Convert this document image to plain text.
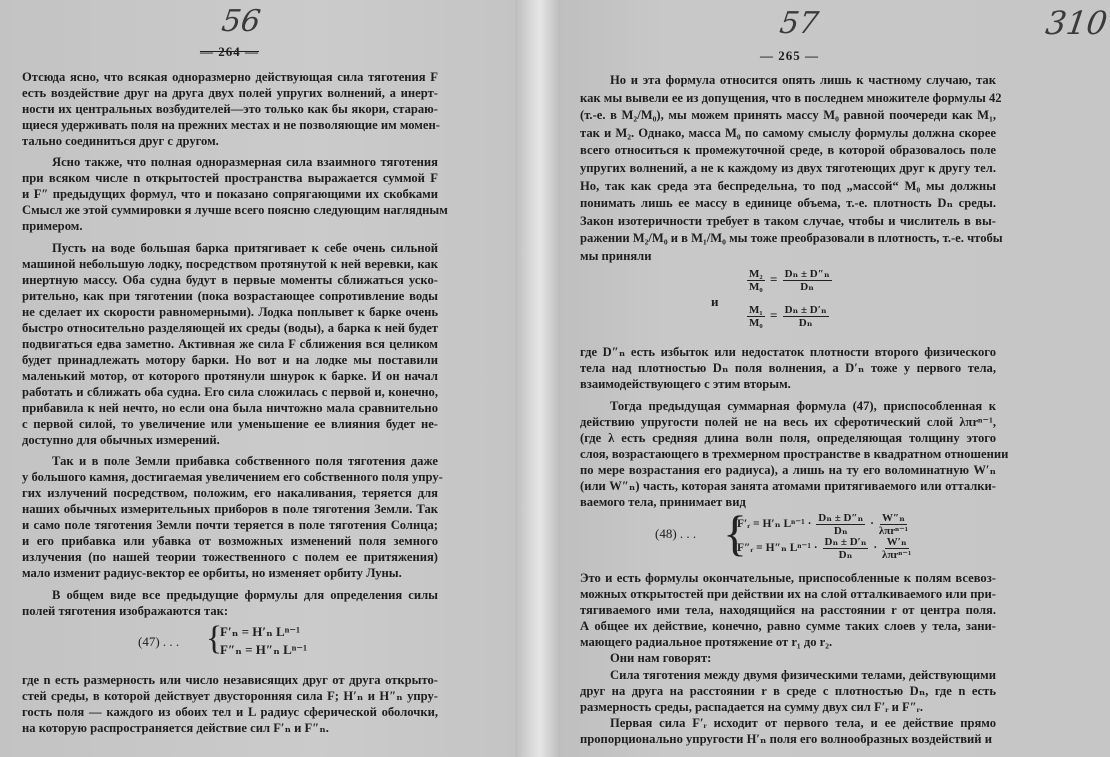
56
— 264 —
Отсюда ясно, что всякая одноразмерно действующая сила тяготения F
есть воздействие друг на друга двух полей упругих волнений, а инерт-
ности их центральных возбудителей—это только как бы якори, стараю-
щиеся удерживать поля на прежних местах и не позволяющие им момен-
тально соединиться друг с другом.
Ясно также, что полная одноразмерная сила взаимного тяготения
при всяком числе n открытостей пространства выражается суммой F
и F″ предыдущих формул, что и показано сопрягающими их скобками
Смысл же этой суммировки я лучше всего поясню следующим наглядным
примером.
Пусть на воде большая барка притягивает к себе очень сильной
машиной небольшую лодку, посредством протянутой к ней веревки, как
инертную массу. Оба судна будут в первые моменты сближаться уско-
рительно, как при тяготении (пока возрастающее сопротивление воды
не сделает их скорости равномерными). Лодка поплывет к барке очень
быстро относительно разделяющей их среды (воды), а барка к ней будет
подвигаться едва заметно. Активная же сила F сближения вся целиком
будет принадлежать мотору барки. Но вот и на лодке мы поставили
маленький мотор, от которого протянули шнурок к барке. И он начал
работать и сближать оба судна. Его сила сложилась с первой и, конечно,
прибавила к ней нечто, но если она была ничтожно мала сравнительно
с первой силой, то увеличение или уменьшение ее влияния будет не-
доступно для обычных измерений.
Так и в поле Земли прибавка собственного поля тяготения даже
у большого камня, достигаемая увеличением его собственного поля упру-
гих излучений посредством, положим, его накаливания, теряется для
наших обычных измерительных приборов в поле тяготения Земли. Так
и само поле тяготения Земли почти теряется в поле тяготения Солнца;
и его прибавка или убавка от возможных изменений поля земного
излучения (по нашей теории тожественного с полем ее притяжения)
мало изменит радиус-вектор ее орбиты, но изменяет орбиту Луны.
В общем виде все предыдущие формулы для определения силы
полей тяготения изображаются так:
где n есть размерность или число независящих друг от друга открыто-
стей среды, в которой действует двусторонняя сила F; H′ₙ и H″ₙ упру-
гость поля — каждого из обоих тел и L радиус сферической оболочки,
на которую распространяется действие сил F′ₙ и F″ₙ.
(47) . . . {
F′ₙ = H′ₙ Lⁿ⁻¹
F″ₙ = H″ₙ Lⁿ⁻¹
57	310
— 265 —
Но и эта формула относится опять лишь к частному случаю, так
как мы вывели ее из допущения, что в последнем множителе формулы 42
(т.-е. в M₂/M₀), мы можем принять массу M₀ равной поочереди как M₁,
так и M₂. Однако, масса M₀ по самому смыслу формулы должна скорее
всего относиться к промежуточной среде, в которой образовалось поле
упругих волнений, а не к каждому из двух тяготеющих друг к другу тел.
Но, так как среда эта беспредельна, то под „массой“ M₀ мы должны
понимать лишь ее массу в единице объема, т.-е. плотность Dₙ среды.
Закон изотеричности требует в таком случае, чтобы и числитель в вы-
ражении M₂/M₀ и в M₁/M₀ мы тоже преобразовали в плотность, т.-е. чтобы
мы приняли
где D″ₙ есть избыток или недостаток плотности второго физического
тела над плотностью Dₙ поля волнения, а D′ₙ тоже у первого тела,
взаимодействующего с этим вторым.
Тогда предыдущая суммарная формула (47), приспособленная к
действию упругости полей не на весь их сферотический слой λπrⁿ⁻¹,
(где λ есть средняя длина волн поля, определяющая толщину этого
слоя, возрастающего в трехмерном пространстве в квадратном отношении
по мере возрастания его радиуса), а лишь на ту его воломинатную W′ₙ
(или W″ₙ) часть, которая занята атомами притягиваемого или отталки-
ваемого тела, принимает вид
Это и есть формулы окончательные, приспособленные к полям всевоз-
можных открытостей при действии их на слой отталкиваемого или при-
тягиваемого ими тела, находящийся на расстоянии r от центра поля.
А общее их действие, конечно, равно сумме таких слоев у тела, зани-
мающего радиальное протяжение от r₁ до r₂.
Они нам говорят:
Сила тяготения между двумя физическими телами, действующими
друг на друга на расстоянии r в среде с плотностью Dₙ, где n есть
размерность среды, распадается на сумму двух сил F′ᵣ и F″ᵣ.
Первая сила F′ᵣ исходит от первого тела, и ее действие прямо
пропорционально упругости H′ₙ поля его волнообразных воздействий и
$\frac{\text{M₂}}{\text{M₀}} = \frac{\text{Dₙ ± D″ₙ}}{\text{Dₙ}}$
и
$\frac{\text{M₁}}{\text{M₀}} = \frac{\text{Dₙ ± D′ₙ}}{\text{Dₙ}}$
(48) . . . {
F′ᵣ = H′ₙ $L^{n-1} \cdot \frac{\text{Dₙ ± D″ₙ}}{\text{Dₙ}} \cdot \frac{\text{W″ₙ}}{\text{λπrⁿ⁻¹}}$
F″ᵣ = H″ₙ $L^{n-1} \cdot \frac{\text{Dₙ ± D′ₙ}}{\text{Dₙ}} \cdot \frac{\text{W′ₙ}}{\text{λπrⁿ⁻¹}}$
